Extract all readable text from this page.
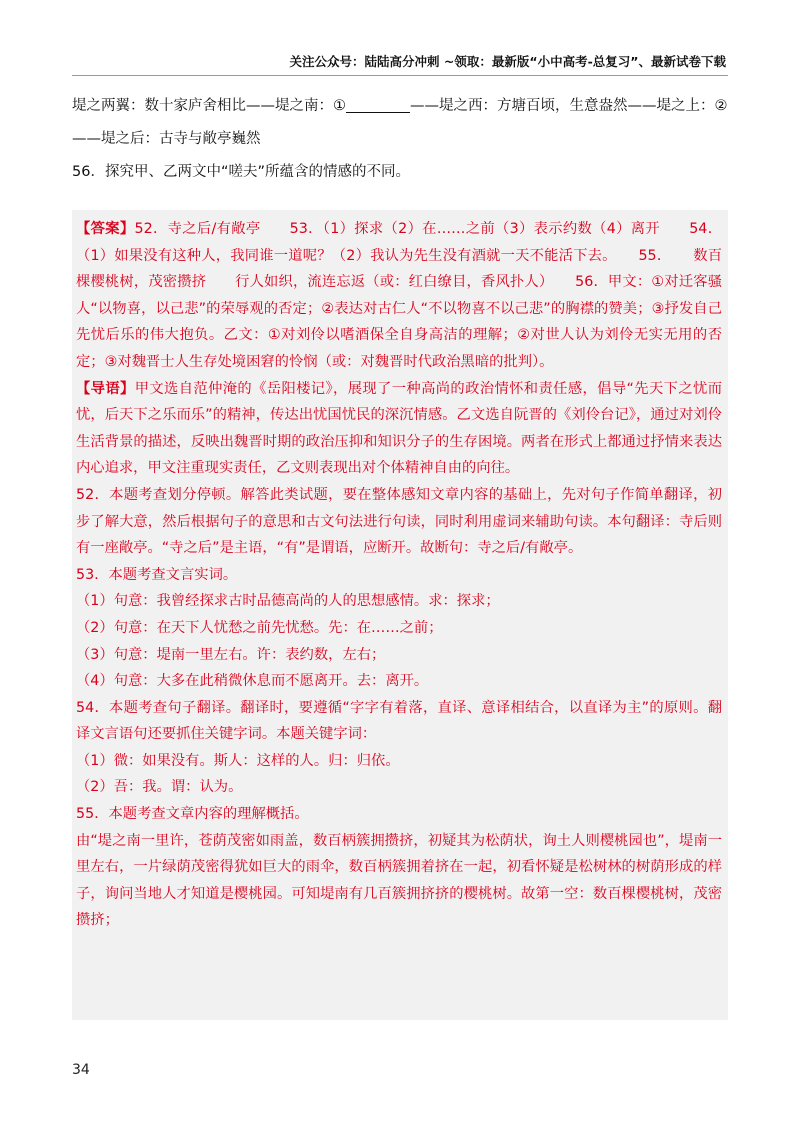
关注公众号：陆陆高分冲刺 ~领取：最新版“小中高考-总复习”、最新试卷下载
堤之两翼：数十家庐舍相比——堤之南：①	——堤之西：方塘百顷，生意盎然——堤之上：②
——堤之后：古寺与敞亭巍然
56．探究甲、乙两文中“嗟夫”所蕴含的情感的不同。

【答案】52．寺之后/有敞亭　　53．（1）探求（2）在……之前（3）表示约数（4）离开　　54．（1）如果没有这种人，我同谁一道呢？（2）我认为先生没有酒就一天不能活下去。　　55．　　数百棵樱桃树，茂密攒挤　　行人如织，流连忘返（或：红白缭目，香风扑人）　　56．甲文：①对迁客骚人“以物喜，以己悲”的荣辱观的否定；②表达对古仁人“不以物喜不以己悲”的胸襟的赞美；③抒发自己先忧后乐的伟大抱负。乙文：①对刘伶以嗜酒保全自身高洁的理解；②对世人认为刘伶无实无用的否定；③对魏晋士人生存处境困窘的怜悯（或：对魏晋时代政治黑暗的批判）。

【导语】甲文选自范仲淹的《岳阳楼记》，展现了一种高尚的政治情怀和责任感，倡导“先天下之忧而忧，后天下之乐而乐”的精神，传达出忧国忧民的深沉情感。乙文选自阮晋的《刘伶台记》，通过对刘伶生活背景的描述，反映出魏晋时期的政治压抑和知识分子的生存困境。两者在形式上都通过抒情来表达内心追求，甲文注重现实责任，乙文则表现出对个体精神自由的向往。

52．本题考查划分停顿。解答此类试题，要在整体感知文章内容的基础上，先对句子作简单翻译，初步了解大意，然后根据句子的意思和古文句法进行句读，同时利用虚词来辅助句读。本句翻译：寺后则有一座敞亭。“寺之后”是主语，“有”是谓语，应断开。故断句：寺之后/有敞亭。

53．本题考查文言实词。

（1）句意：我曾经探求古时品德高尚的人的思想感情。求：探求；

（2）句意：在天下人忧愁之前先忧愁。先：在……之前；

（3）句意：堤南一里左右。许：表约数，左右；

（4）句意：大多在此稍微休息而不愿离开。去：离开。

54．本题考查句子翻译。翻译时，要遵循“字字有着落，直译、意译相结合，以直译为主”的原则。翻译文言语句还要抓住关键字词。本题关键字词：

（1）微：如果没有。斯人：这样的人。归：归依。

（2）吾：我。谓：认为。

55．本题考查文章内容的理解概括。

由“堤之南一里许，苍荫茂密如雨盖，数百柄簇拥攒挤，初疑其为松荫状，询土人则樱桃园也”，堤南一里左右，一片绿荫茂密得犹如巨大的雨伞，数百柄簇拥着挤在一起，初看怀疑是松树林的树荫形成的样子，询问当地人才知道是樱桃园。可知堤南有几百簇拥挤挤的樱桃树。故第一空：数百棵樱桃树，茂密攒挤；

34
